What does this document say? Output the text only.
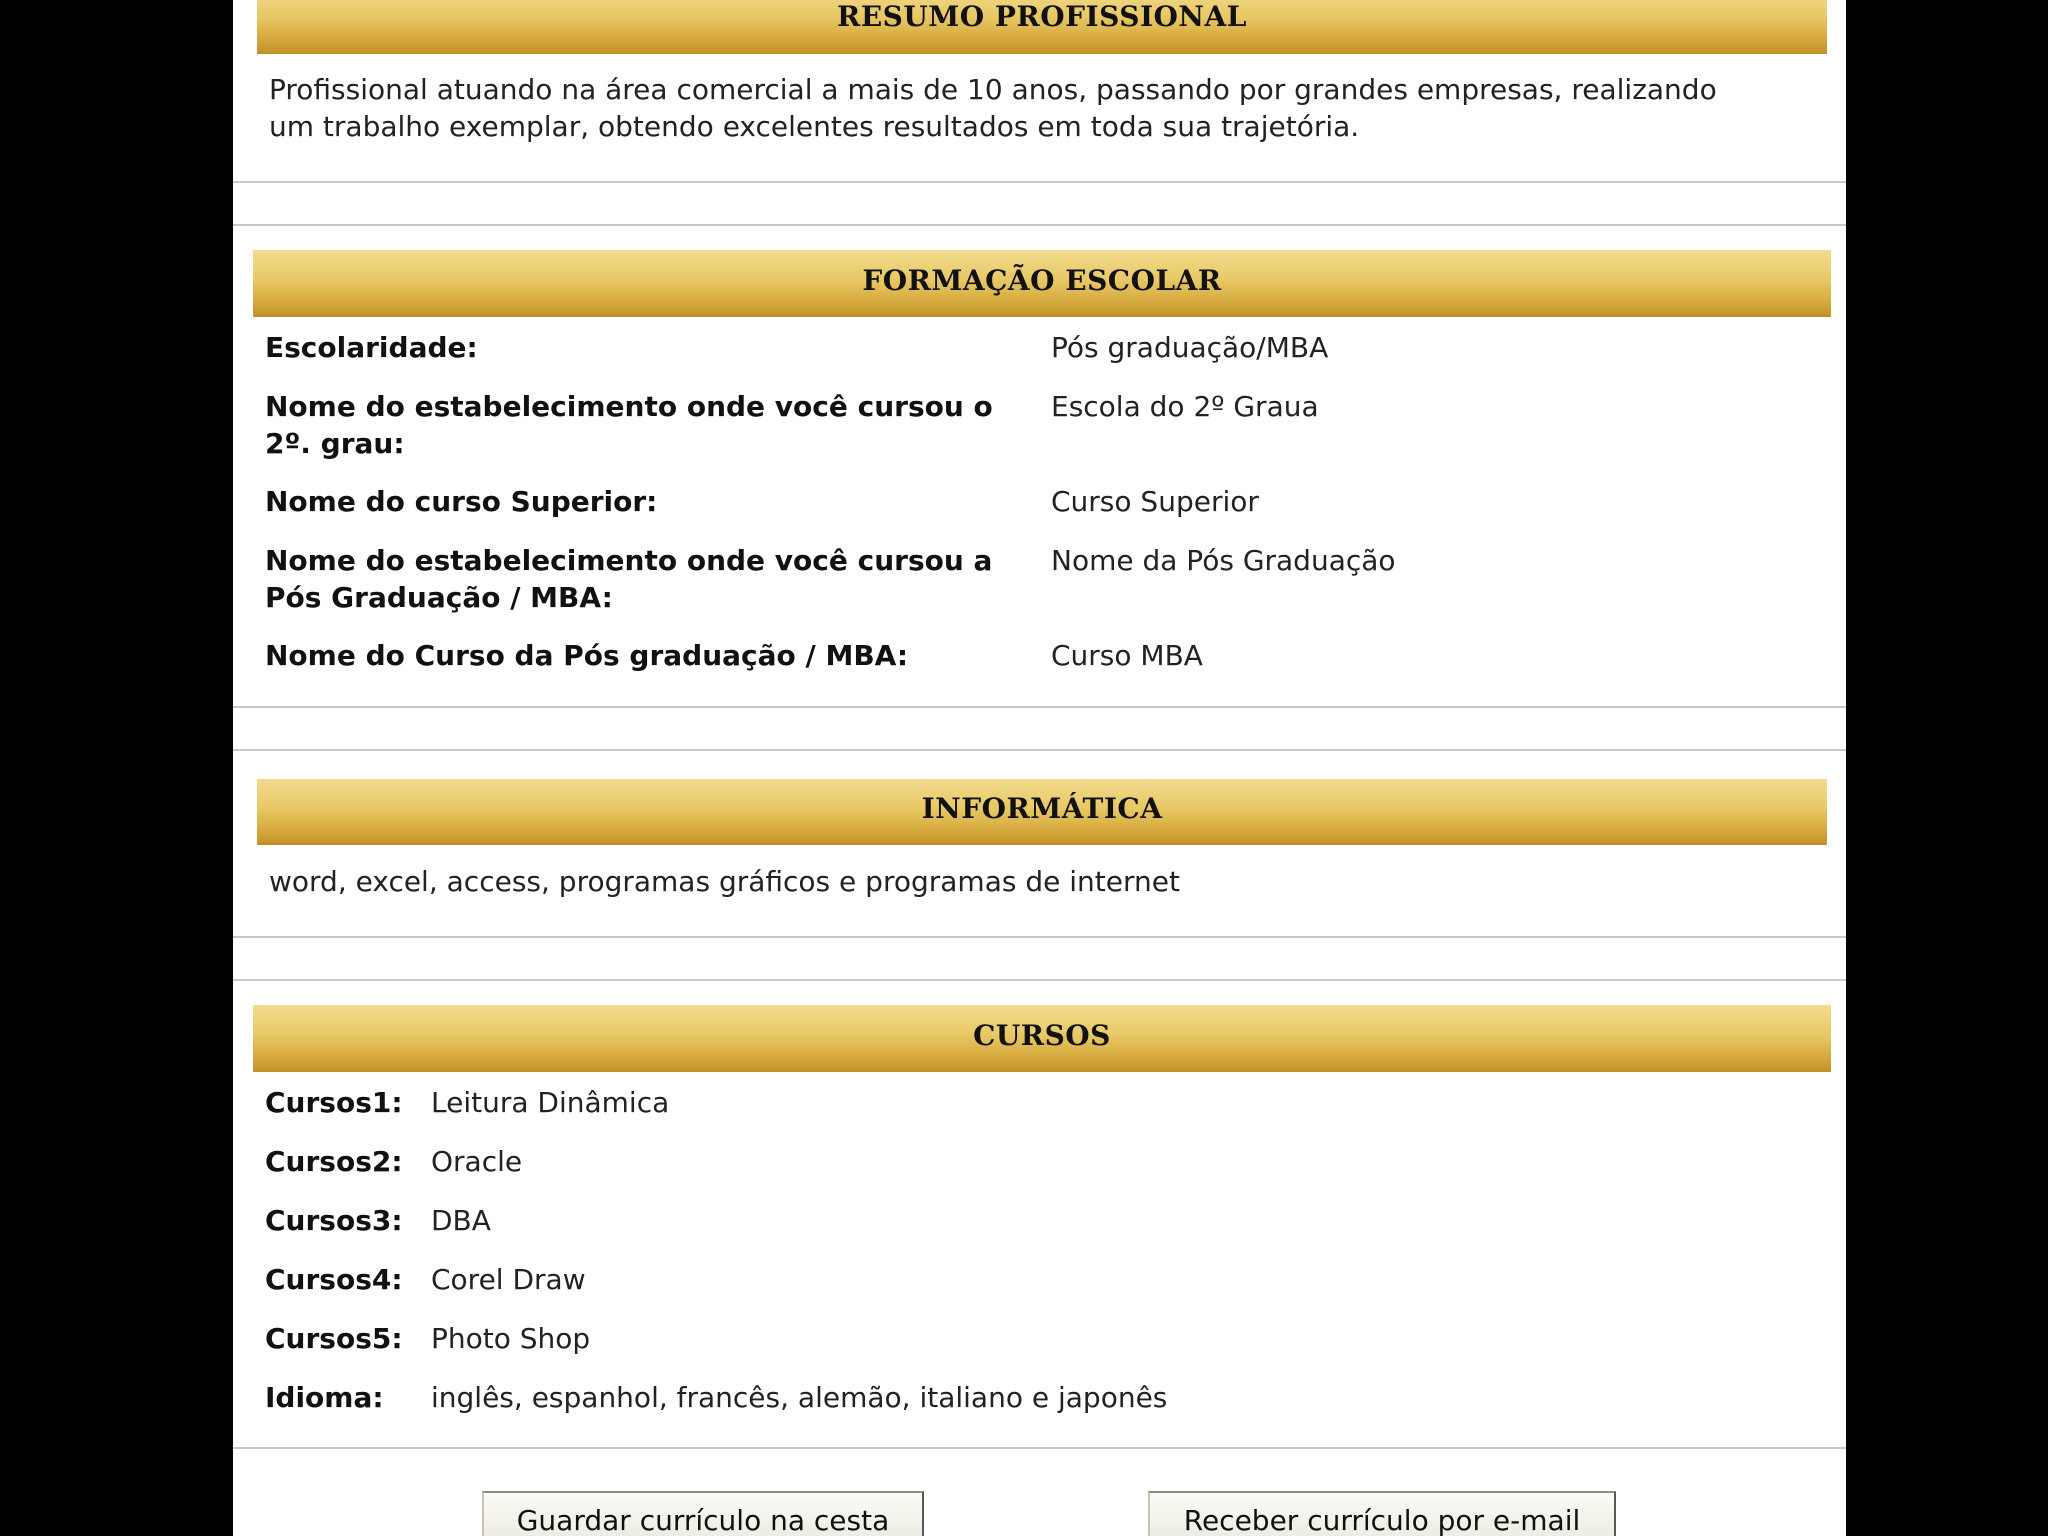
RESUMO PROFISSIONAL
Profissional atuando na área comercial a mais de 10 anos, passando por grandes empresas, realizando
um trabalho exemplar, obtendo excelentes resultados em toda sua trajetória.
FORMAÇÃO ESCOLAR
Escolaridade:	Pós graduação/MBA
Nome do estabelecimento onde você cursou o
2º. grau:
Escola do 2º Graua
Nome do curso Superior:	Curso Superior
Nome do estabelecimento onde você cursou a
Pós Graduação / MBA:
Nome da Pós Graduação
Nome do Curso da Pós graduação / MBA:	Curso MBA
INFORMÁTICA
word, excel, access, programas gráficos e programas de internet
CURSOS
Cursos1: Leitura Dinâmica
Cursos2: Oracle
Cursos3: DBA
Cursos4: Corel Draw
Cursos5: Photo Shop
Idioma: inglês, espanhol, francês, alemão, italiano e japonês
Guardar currículo na cesta	Receber currículo por e-mail
